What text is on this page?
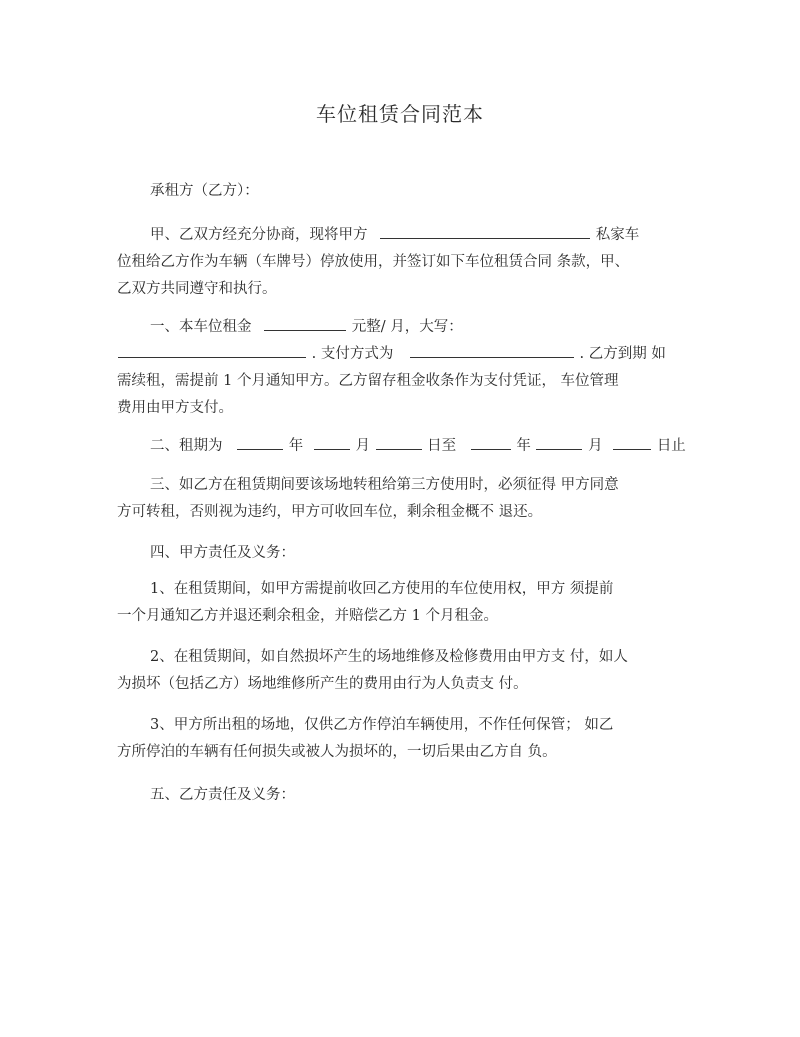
车位租赁合同范本
承租方（乙方）：
甲、乙双方经充分协商，现将甲方	私家车
位租给乙方作为车辆（车牌号）停放使用，并签订如下车位租赁合同 条款，甲、
乙双方共同遵守和执行。
一、本车位租金	元整/ 月，大写：
. 支付方式为	. 乙方到期 如
需续租，需提前 1 个月通知甲方。乙方留存租金收条作为支付凭证， 车位管理
费用由甲方支付。
二、租期为	年	月	日至	年	月	日止
三、如乙方在租赁期间要该场地转租给第三方使用时，必须征得 甲方同意
方可转租，否则视为违约，甲方可收回车位，剩余租金概不 退还。
四、甲方责任及义务：
1、在租赁期间，如甲方需提前收回乙方使用的车位使用权，甲方 须提前
一个月通知乙方并退还剩余租金，并赔偿乙方 1 个月租金。
2、在租赁期间，如自然损坏产生的场地维修及检修费用由甲方支 付，如人
为损坏（包括乙方）场地维修所产生的费用由行为人负责支 付。
3、甲方所出租的场地，仅供乙方作停泊车辆使用，不作任何保管； 如乙
方所停泊的车辆有任何损失或被人为损坏的，一切后果由乙方自 负。
五、乙方责任及义务：
